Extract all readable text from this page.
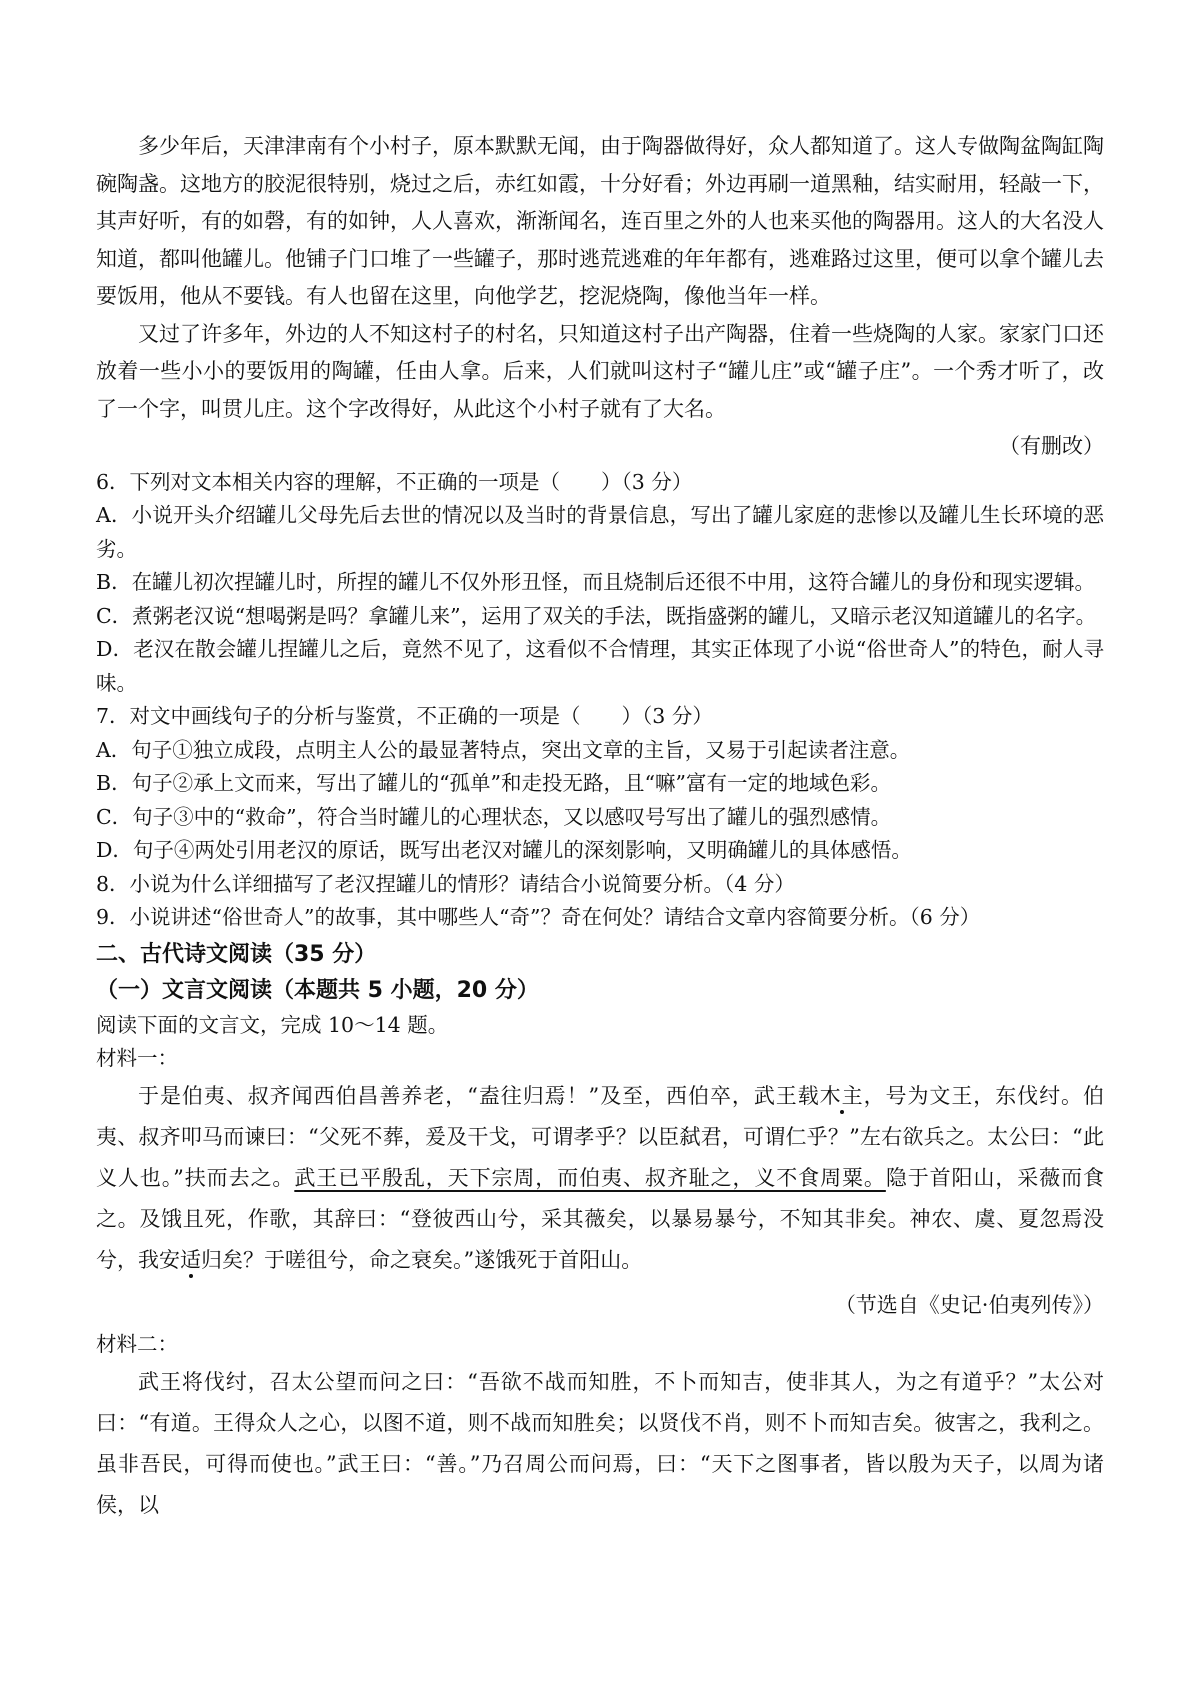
多少年后，天津津南有个小村子，原本默默无闻，由于陶器做得好，众人都知道了。这人专做陶盆陶缸陶碗陶盏。这地方的胶泥很特别，烧过之后，赤红如霞，十分好看；外边再刷一道黑釉，结实耐用，轻敲一下，其声好听，有的如磬，有的如钟，人人喜欢，渐渐闻名，连百里之外的人也来买他的陶器用。这人的大名没人知道，都叫他罐儿。他铺子门口堆了一些罐子，那时逃荒逃难的年年都有，逃难路过这里，便可以拿个罐儿去要饭用，他从不要钱。有人也留在这里，向他学艺，挖泥烧陶，像他当年一样。

又过了许多年，外边的人不知这村子的村名，只知道这村子出产陶器，住着一些烧陶的人家。家家门口还放着一些小小的要饭用的陶罐，任由人拿。后来，人们就叫这村子“罐儿庄”或“罐子庄”。一个秀才听了，改了一个字，叫贯儿庄。这个字改得好，从此这个小村子就有了大名。

（有删改）

6．下列对文本相关内容的理解，不正确的一项是（　　）（3 分）

A．小说开头介绍罐儿父母先后去世的情况以及当时的背景信息，写出了罐儿家庭的悲惨以及罐儿生长环境的恶劣。

B．在罐儿初次捏罐儿时，所捏的罐儿不仅外形丑怪，而且烧制后还很不中用，这符合罐儿的身份和现实逻辑。

C．煮粥老汉说“想喝粥是吗？拿罐儿来”，运用了双关的手法，既指盛粥的罐儿，又暗示老汉知道罐儿的名字。

D．老汉在散会罐儿捏罐儿之后，竟然不见了，这看似不合情理，其实正体现了小说“俗世奇人”的特色，耐人寻味。

7．对文中画线句子的分析与鉴赏，不正确的一项是（　　）（3 分）

A．句子①独立成段，点明主人公的最显著特点，突出文章的主旨，又易于引起读者注意。

B．句子②承上文而来，写出了罐儿的“孤单”和走投无路，且“嘛”富有一定的地域色彩。

C．句子③中的“救命”，符合当时罐儿的心理状态，又以感叹号写出了罐儿的强烈感情。

D．句子④两处引用老汉的原话，既写出老汉对罐儿的深刻影响，又明确罐儿的具体感悟。

8．小说为什么详细描写了老汉捏罐儿的情形？请结合小说简要分析。（4 分）

9．小说讲述“俗世奇人”的故事，其中哪些人“奇”？奇在何处？请结合文章内容简要分析。（6 分）

二、古代诗文阅读（35 分）

（一）文言文阅读（本题共 5 小题，20 分）

阅读下面的文言文，完成 10～14 题。

材料一：

于是伯夷、叔齐闻西伯昌善养老，“盍往归焉！”及至，西伯卒，武王载木主，号为文王，东伐纣。伯夷、叔齐叩马而谏曰：“父死不葬，爰及干戈，可谓孝乎？以臣弑君，可谓仁乎？”左右欲兵之。太公曰：“此义人也。”扶而去之。武王已平殷乱，天下宗周，而伯夷、叔齐耻之，义不食周粟。隐于首阳山，采薇而食之。及饿且死，作歌，其辞曰：“登彼西山兮，采其薇矣，以暴易暴兮，不知其非矣。神农、虞、夏忽焉没兮，我安适归矣？于嗟徂兮，命之衰矣。”遂饿死于首阳山。

（节选自《史记·伯夷列传》）

材料二：

武王将伐纣，召太公望而问之曰：“吾欲不战而知胜，不卜而知吉，使非其人，为之有道乎？”太公对曰：“有道。王得众人之心，以图不道，则不战而知胜矣；以贤伐不肖，则不卜而知吉矣。彼害之，我利之。虽非吾民，可得而使也。”武王曰：“善。”乃召周公而问焉，曰：“天下之图事者，皆以殷为天子，以周为诸侯，以
